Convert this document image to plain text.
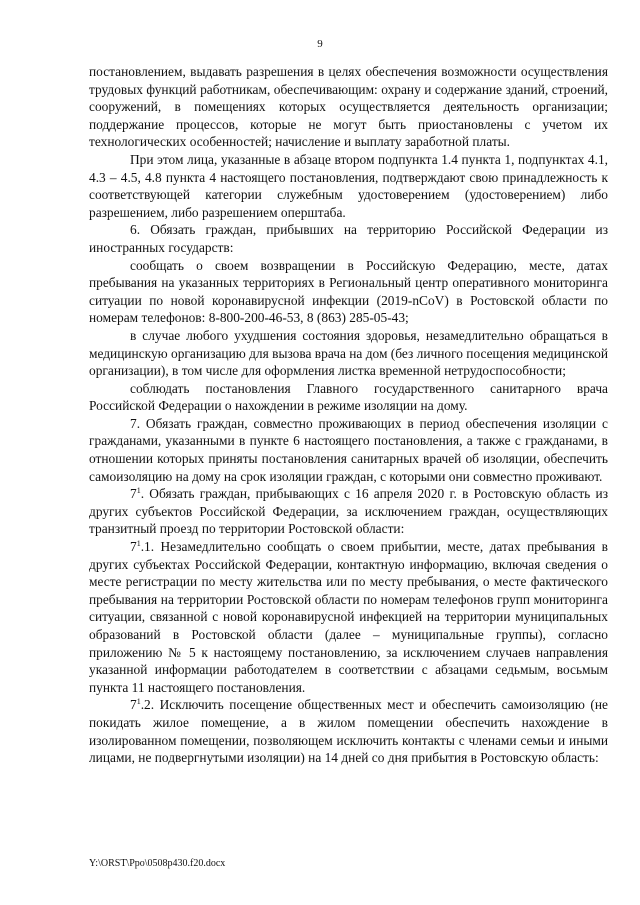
9

постановлением, выдавать разрешения в целях обеспечения возможности осуществления трудовых функций работникам, обеспечивающим: охрану и содержание зданий, строений, сооружений, в помещениях которых осуществляется деятельность организации; поддержание процессов, которые не могут быть приостановлены с учетом их технологических особенностей; начисление и выплату заработной платы.

При этом лица, указанные в абзаце втором подпункта 1.4 пункта 1, подпунктах 4.1, 4.3 – 4.5, 4.8 пункта 4 настоящего постановления, подтверждают свою принадлежность к соответствующей категории служебным удостоверением (удостоверением) либо разрешением, либо разрешением оперштаба.

6. Обязать граждан, прибывших на территорию Российской Федерации из иностранных государств:

сообщать о своем возвращении в Российскую Федерацию, месте, датах пребывания на указанных территориях в Региональный центр оперативного мониторинга ситуации по новой коронавирусной инфекции (2019-nCoV) в Ростовской области по номерам телефонов: 8-800-200-46-53, 8 (863) 285-05-43;

в случае любого ухудшения состояния здоровья, незамедлительно обращаться в медицинскую организацию для вызова врача на дом (без личного посещения медицинской организации), в том числе для оформления листка временной нетрудоспособности;

соблюдать постановления Главного государственного санитарного врача Российской Федерации о нахождении в режиме изоляции на дому.

7. Обязать граждан, совместно проживающих в период обеспечения изоляции с гражданами, указанными в пункте 6 настоящего постановления, а также с гражданами, в отношении которых приняты постановления санитарных врачей об изоляции, обеспечить самоизоляцию на дому на срок изоляции граждан, с которыми они совместно проживают.

$7^1$. Обязать граждан, прибывающих с 16 апреля 2020 г. в Ростовскую область из других субъектов Российской Федерации, за исключением граждан, осуществляющих транзитный проезд по территории Ростовской области:

$7^1.1$. Незамедлительно сообщать о своем прибытии, месте, датах пребывания в других субъектах Российской Федерации, контактную информацию, включая сведения о месте регистрации по месту жительства или по месту пребывания, о месте фактического пребывания на территории Ростовской области по номерам телефонов групп мониторинга ситуации, связанной с новой коронавирусной инфекцией на территории муниципальных образований в Ростовской области (далее – муниципальные группы), согласно приложению № 5 к настоящему постановлению, за исключением случаев направления указанной информации работодателем в соответствии с абзацами седьмым, восьмым пункта 11 настоящего постановления.

$7^1.2$. Исключить посещение общественных мест и обеспечить самоизоляцию (не покидать жилое помещение, а в жилом помещении обеспечить нахождение в изолированном помещении, позволяющем исключить контакты с членами семьи и иными лицами, не подвергнутыми изоляции) на 14 дней со дня прибытия в Ростовскую область:

Y:\ORST\Ppo\0508p430.f20.docx
